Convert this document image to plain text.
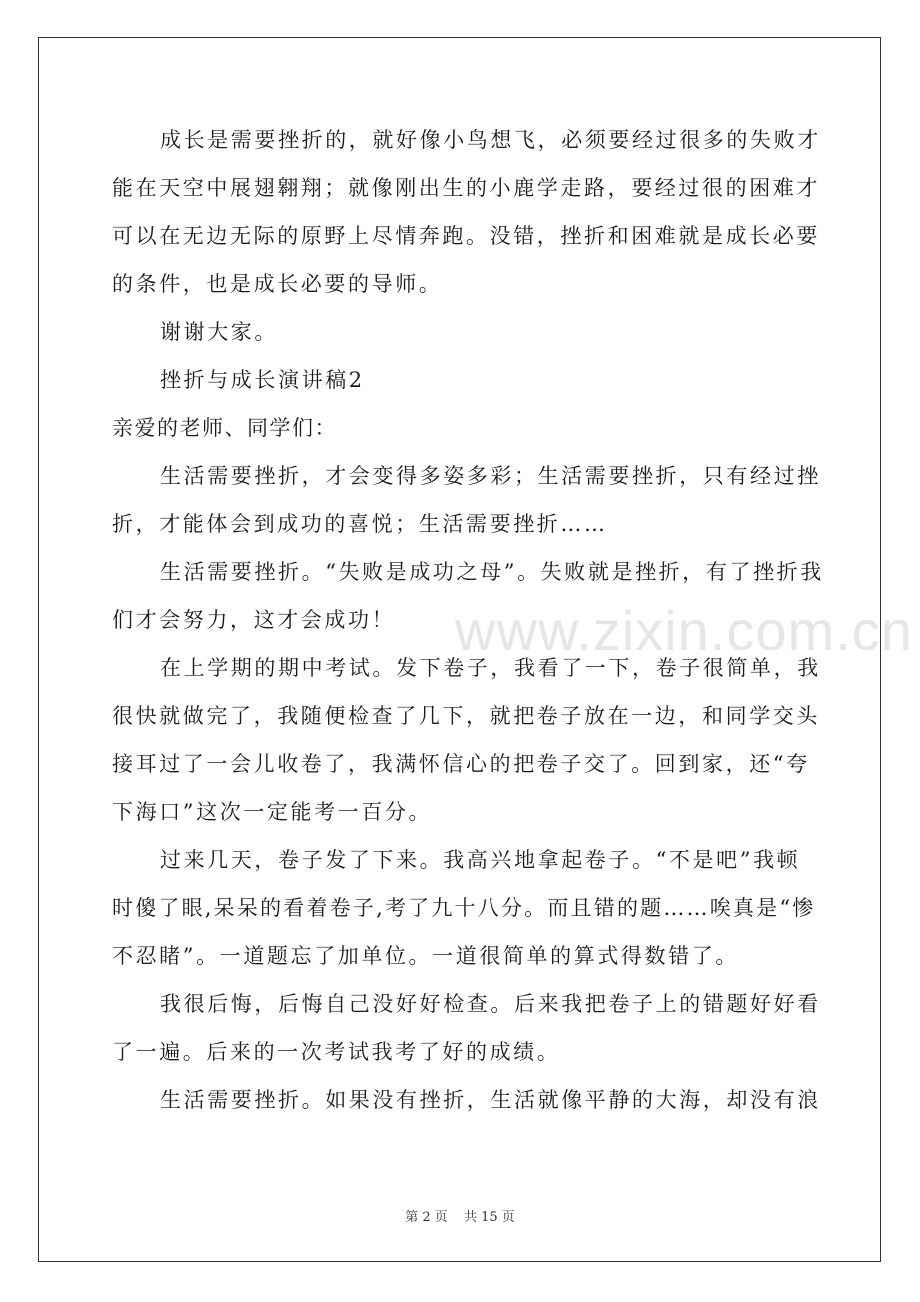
www.zixin.com.cn
成长是需要挫折的，就好像小鸟想飞，必须要经过很多的失败才
能在天空中展翅翱翔；就像刚出生的小鹿学走路，要经过很的困难才
可以在无边无际的原野上尽情奔跑。没错，挫折和困难就是成长必要
的条件，也是成长必要的导师。
谢谢大家。
挫折与成长演讲稿2
亲爱的老师、同学们：
生活需要挫折，才会变得多姿多彩；生活需要挫折，只有经过挫
折，才能体会到成功的喜悦；生活需要挫折……
生活需要挫折。“失败是成功之母”。失败就是挫折，有了挫折我
们才会努力，这才会成功！
在上学期的期中考试。发下卷子，我看了一下，卷子很简单，我
很快就做完了，我随便检查了几下，就把卷子放在一边，和同学交头
接耳过了一会儿收卷了，我满怀信心的把卷子交了。回到家，还“夸
下海口”这次一定能考一百分。
过来几天，卷子发了下来。我高兴地拿起卷子。“不是吧”我顿
时傻了眼,呆呆的看着卷子,考了九十八分。而且错的题……唉真是“惨
不忍睹”。一道题忘了加单位。一道很简单的算式得数错了。
我很后悔，后悔自己没好好检查。后来我把卷子上的错题好好看
了一遍。后来的一次考试我考了好的成绩。
生活需要挫折。如果没有挫折，生活就像平静的大海，却没有浪
第 2 页 共 15 页
